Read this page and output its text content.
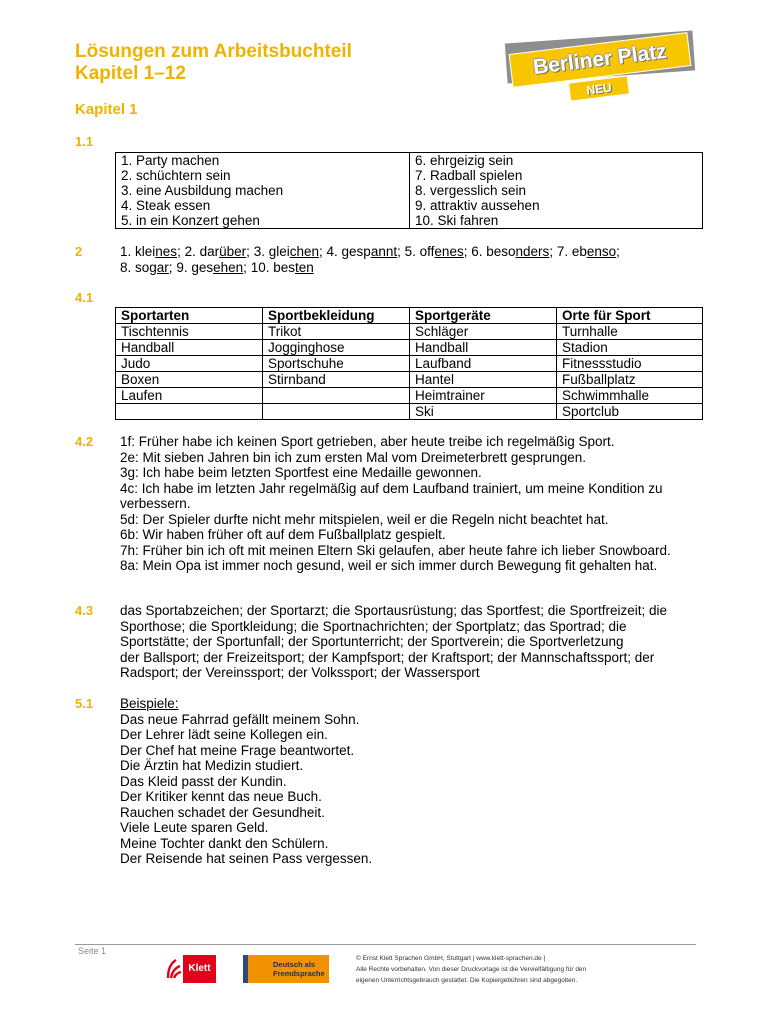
Lösungen zum Arbeitsbuchteil
Kapitel 1–12
Kapitel 1
Berliner Platz
NEU
1.1
1. Party machen	6. ehrgeizig sein
2. schüchtern sein	7. Radball spielen
3. eine Ausbildung machen	8. vergesslich sein
4. Steak essen	9. attraktiv aussehen
5. in ein Konzert gehen	10. Ski fahren
2	1. kleines; 2. darüber; 3. gleichen; 4. gespannt; 5. offenes; 6. besonders; 7. ebenso;
8. sogar; 9. gesehen; 10. besten
4.1
Sportarten	Sportbekleidung	Sportgeräte	Orte für Sport
Tischtennis	Trikot	Schläger	Turnhalle
Handball	Jogginghose	Handball	Stadion
Judo	Sportschuhe	Laufband	Fitnessstudio
Boxen	Stirnband	Hantel	Fußballplatz
Laufen		Heimtrainer	Schwimmhalle
		Ski	Sportclub
4.2 1f: Früher habe ich keinen Sport getrieben, aber heute treibe ich regelmäßig Sport.

2e: Mit sieben Jahren bin ich zum ersten Mal vom Dreimeterbrett gesprungen.

3g: Ich habe beim letzten Sportfest eine Medaille gewonnen.

4c: Ich habe im letzten Jahr regelmäßig auf dem Laufband trainiert, um meine Kondition zu verbessern.

5d: Der Spieler durfte nicht mehr mitspielen, weil er die Regeln nicht beachtet hat.

6b: Wir haben früher oft auf dem Fußballplatz gespielt.

7h: Früher bin ich oft mit meinen Eltern Ski gelaufen, aber heute fahre ich lieber Snowboard.

8a: Mein Opa ist immer noch gesund, weil er sich immer durch Bewegung fit gehalten hat.

4.3 das Sportabzeichen; der Sportarzt; die Sportausrüstung; das Sportfest; die Sportfreizeit; die Sporthose; die Sportkleidung; die Sportnachrichten; der Sportplatz; das Sportrad; die Sportstätte; der Sportunfall; der Sportunterricht; der Sportverein; die Sportverletzung

der Ballsport; der Freizeitsport; der Kampfsport; der Kraftsport; der Mannschaftssport; der Radsport; der Vereinssport; der Volkssport; der Wassersport

5.1 Beispiele:

Das neue Fahrrad gefällt meinem Sohn.

Der Lehrer lädt seine Kollegen ein.

Der Chef hat meine Frage beantwortet.

Die Ärztin hat Medizin studiert.

Das Kleid passt der Kundin.

Der Kritiker kennt das neue Buch.

Rauchen schadet der Gesundheit.

Viele Leute sparen Geld.

Meine Tochter dankt den Schülern.

Der Reisende hat seinen Pass vergessen.

Seite 1
Klett	Deutsch als
Fremdsprache
© Ernst Klett Sprachen GmbH, Stuttgart | www.klett-sprachen.de |
Alle Rechte vorbehalten. Von dieser Druckvorlage ist die Vervielfältigung für den
eigenen Unterrichtsgebrauch gestattet. Die Kopiergebühren sind abgegolten.
